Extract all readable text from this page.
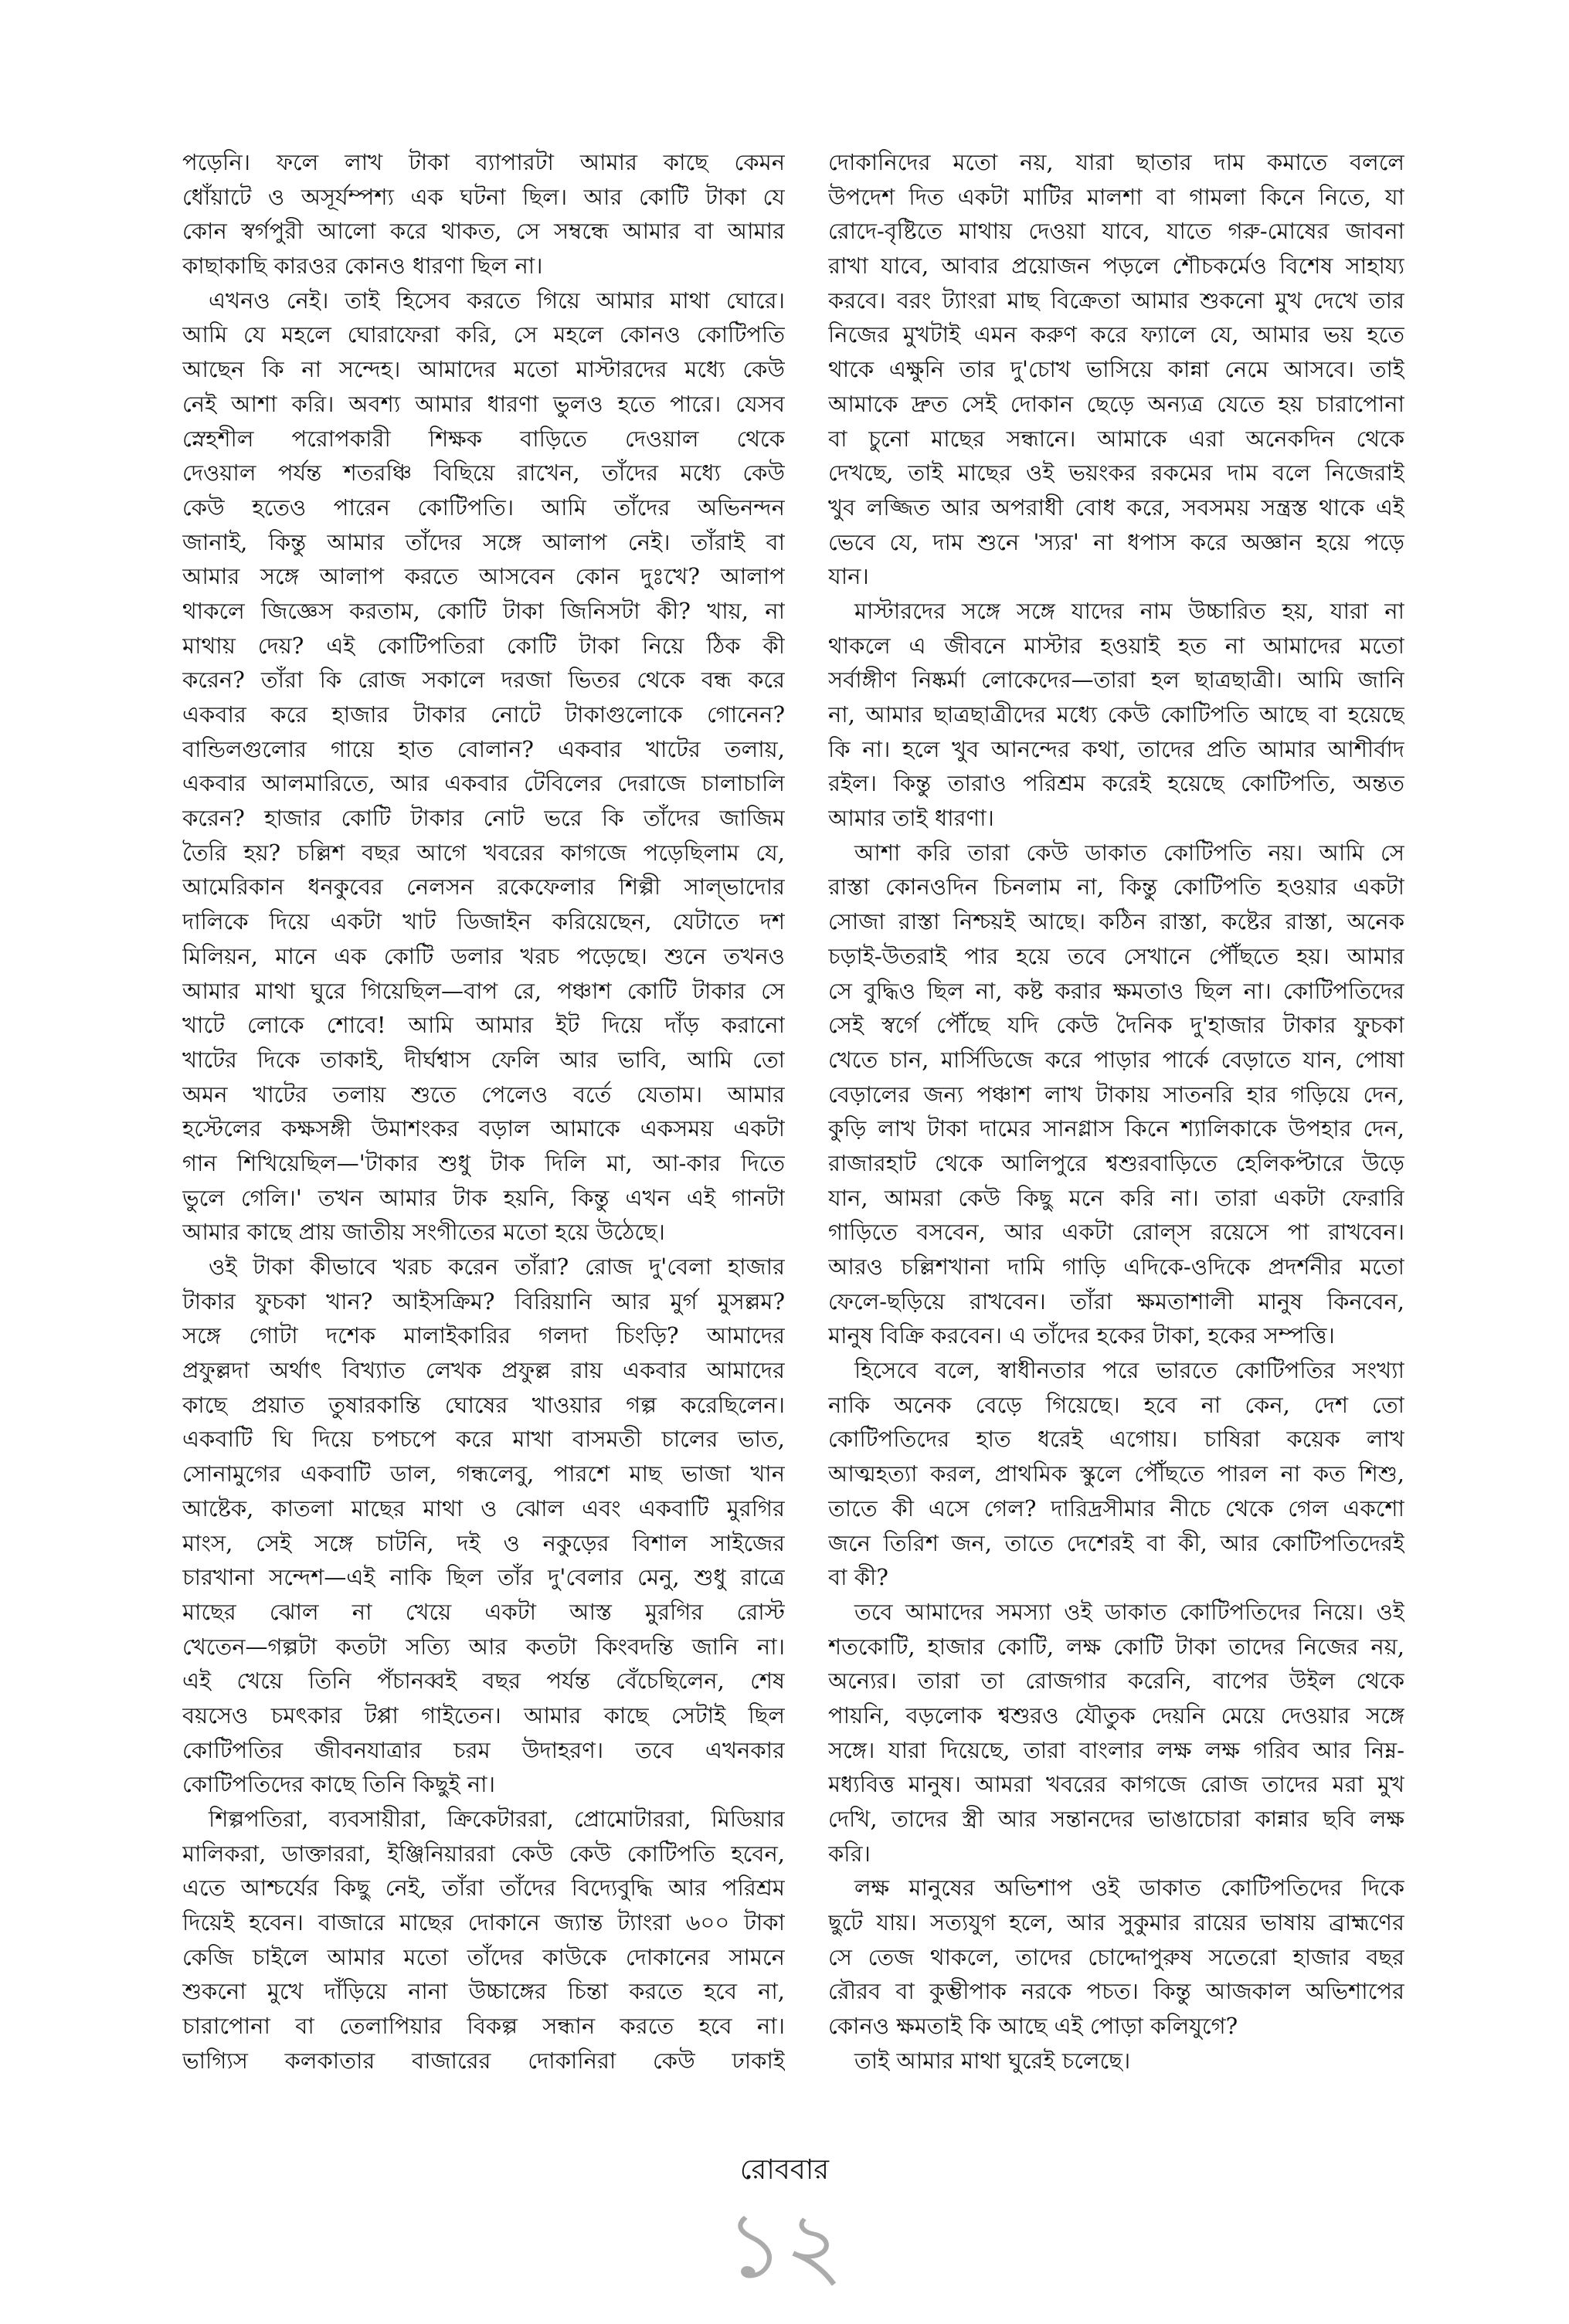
পড়েনি। ফলে লাখ টাকা ব্যাপারটা আমার কাছে কেমন
ধোঁয়াটে ও অসূর্যম্পশ্য এক ঘটনা ছিল। আর কোটি টাকা যে
কোন স্বর্গপুরী আলো করে থাকত, সে সম্বন্ধে আমার বা আমার
কাছাকাছি কারওর কোনও ধারণা ছিল না।
এখনও নেই। তাই হিসেব করতে গিয়ে আমার মাথা ঘোরে।
আমি যে মহলে ঘোরাফেরা করি, সে মহলে কোনও কোটিপতি
আছেন কি না সন্দেহ। আমাদের মতো মাস্টারদের মধ্যে কেউ
নেই আশা করি। অবশ্য আমার ধারণা ভুলও হতে পারে। যেসব
স্নেহশীল পরোপকারী শিক্ষক বাড়িতে দেওয়াল থেকে
দেওয়াল পর্যন্ত শতরঞ্চি বিছিয়ে রাখেন, তাঁদের মধ্যে কেউ
কেউ হতেও পারেন কোটিপতি। আমি তাঁদের অভিনন্দন
জানাই, কিন্তু আমার তাঁদের সঙ্গে আলাপ নেই। তাঁরাই বা
আমার সঙ্গে আলাপ করতে আসবেন কোন দুঃখে? আলাপ
থাকলে জিজ্ঞেস করতাম, কোটি টাকা জিনিসটা কী? খায়, না
মাথায় দেয়? এই কোটিপতিরা কোটি টাকা নিয়ে ঠিক কী
করেন? তাঁরা কি রোজ সকালে দরজা ভিতর থেকে বন্ধ করে
একবার করে হাজার টাকার নোটে টাকাগুলোকে গোনেন?
বান্ডিলগুলোর গায়ে হাত বোলান? একবার খাটের তলায়,
একবার আলমারিতে, আর একবার টেবিলের দেরাজে চালাচালি
করেন? হাজার কোটি টাকার নোট ভরে কি তাঁদের জাজিম
তৈরি হয়? চল্লিশ বছর আগে খবরের কাগজে পড়েছিলাম যে,
আমেরিকান ধনকুবের নেলসন রকেফেলার শিল্পী সাল্ভাদোর
দালিকে দিয়ে একটা খাট ডিজাইন করিয়েছেন, যেটাতে দশ
মিলিয়ন, মানে এক কোটি ডলার খরচ পড়েছে। শুনে তখনও
আমার মাথা ঘুরে গিয়েছিল—বাপ রে, পঞ্চাশ কোটি টাকার সে
খাটে লোকে শোবে! আমি আমার ইট দিয়ে দাঁড় করানো
খাটের দিকে তাকাই, দীর্ঘশ্বাস ফেলি আর ভাবি, আমি তো
অমন খাটের তলায় শুতে পেলেও বর্তে যেতাম। আমার
হস্টেলের কক্ষসঙ্গী উমাশংকর বড়াল আমাকে একসময় একটা
গান শিখিয়েছিল—'টাকার শুধু টাক দিলি মা, আ-কার দিতে
ভুলে গেলি।' তখন আমার টাক হয়নি, কিন্তু এখন এই গানটা
আমার কাছে প্রায় জাতীয় সংগীতের মতো হয়ে উঠেছে।
ওই টাকা কীভাবে খরচ করেন তাঁরা? রোজ দু'বেলা হাজার
টাকার ফুচকা খান? আইসক্রিম? বিরিয়ানি আর মুর্গ মুসল্লম?
সঙ্গে গোটা দশেক মালাইকারির গলদা চিংড়ি? আমাদের
প্রফুল্লদা অর্থাৎ বিখ্যাত লেখক প্রফুল্ল রায় একবার আমাদের
কাছে প্রয়াত তুষারকান্তি ঘোষের খাওয়ার গল্প করেছিলেন।
একবাটি ঘি দিয়ে চপচপে করে মাখা বাসমতী চালের ভাত,
সোনামুগের একবাটি ডাল, গন্ধলেবু, পারশে মাছ ভাজা খান
আষ্টেক, কাতলা মাছের মাথা ও ঝোল এবং একবাটি মুরগির
মাংস, সেই সঙ্গে চাটনি, দই ও নকুড়ের বিশাল সাইজের
চারখানা সন্দেশ—এই নাকি ছিল তাঁর দু'বেলার মেনু, শুধু রাত্রে
মাছের ঝোল না খেয়ে একটা আস্ত মুরগির রোস্ট
খেতেন—গল্পটা কতটা সত্যি আর কতটা কিংবদন্তি জানি না।
এই খেয়ে তিনি পঁচানব্বই বছর পর্যন্ত বেঁচেছিলেন, শেষ
বয়সেও চমৎকার টপ্পা গাইতেন। আমার কাছে সেটাই ছিল
কোটিপতির জীবনযাত্রার চরম উদাহরণ। তবে এখনকার
কোটিপতিদের কাছে তিনি কিছুই না।
শিল্পপতিরা, ব্যবসায়ীরা, ক্রিকেটাররা, প্রোমোটাররা, মিডিয়ার
মালিকরা, ডাক্তাররা, ইঞ্জিনিয়াররা কেউ কেউ কোটিপতি হবেন,
এতে আশ্চর্যের কিছু নেই, তাঁরা তাঁদের বিদ্যেবুদ্ধি আর পরিশ্রম
দিয়েই হবেন। বাজারে মাছের দোকানে জ্যান্ত ট্যাংরা ৬০০ টাকা
কেজি চাইলে আমার মতো তাঁদের কাউকে দোকানের সামনে
শুকনো মুখে দাঁড়িয়ে নানা উচ্চাঙ্গের চিন্তা করতে হবে না,
চারাপোনা বা তেলাপিয়ার বিকল্প সন্ধান করতে হবে না।
ভাগ্যিস কলকাতার বাজারের দোকানিরা কেউ ঢাকাই
দোকানিদের মতো নয়, যারা ছাতার দাম কমাতে বললে
উপদেশ দিত একটা মাটির মালশা বা গামলা কিনে নিতে, যা
রোদে-বৃষ্টিতে মাথায় দেওয়া যাবে, যাতে গরু-মোষের জাবনা
রাখা যাবে, আবার প্রয়োজন পড়লে শৌচকর্মেও বিশেষ সাহায্য
করবে। বরং ট্যাংরা মাছ বিক্রেতা আমার শুকনো মুখ দেখে তার
নিজের মুখটাই এমন করুণ করে ফ্যালে যে, আমার ভয় হতে
থাকে এক্ষুনি তার দু'চোখ ভাসিয়ে কান্না নেমে আসবে। তাই
আমাকে দ্রুত সেই দোকান ছেড়ে অন্যত্র যেতে হয় চারাপোনা
বা চুনো মাছের সন্ধানে। আমাকে এরা অনেকদিন থেকে
দেখছে, তাই মাছের ওই ভয়ংকর রকমের দাম বলে নিজেরাই
খুব লজ্জিত আর অপরাধী বোধ করে, সবসময় সন্ত্রস্ত থাকে এই
ভেবে যে, দাম শুনে 'স্যর' না ধপাস করে অজ্ঞান হয়ে পড়ে
যান।
মাস্টারদের সঙ্গে সঙ্গে যাদের নাম উচ্চারিত হয়, যারা না
থাকলে এ জীবনে মাস্টার হওয়াই হত না আমাদের মতো
সর্বাঙ্গীণ নিষ্কর্মা লোকেদের—তারা হল ছাত্রছাত্রী। আমি জানি
না, আমার ছাত্রছাত্রীদের মধ্যে কেউ কোটিপতি আছে বা হয়েছে
কি না। হলে খুব আনন্দের কথা, তাদের প্রতি আমার আশীর্বাদ
রইল। কিন্তু তারাও পরিশ্রম করেই হয়েছে কোটিপতি, অন্তত
আমার তাই ধারণা।
আশা করি তারা কেউ ডাকাত কোটিপতি নয়। আমি সে
রাস্তা কোনওদিন চিনলাম না, কিন্তু কোটিপতি হওয়ার একটা
সোজা রাস্তা নিশ্চয়ই আছে। কঠিন রাস্তা, কষ্টের রাস্তা, অনেক
চড়াই-উতরাই পার হয়ে তবে সেখানে পৌঁছতে হয়। আমার
সে বুদ্ধিও ছিল না, কষ্ট করার ক্ষমতাও ছিল না। কোটিপতিদের
সেই স্বর্গে পৌঁছে যদি কেউ দৈনিক দু'হাজার টাকার ফুচকা
খেতে চান, মার্সিডিজে করে পাড়ার পার্কে বেড়াতে যান, পোষা
বেড়ালের জন্য পঞ্চাশ লাখ টাকায় সাতনরি হার গড়িয়ে দেন,
কুড়ি লাখ টাকা দামের সানগ্লাস কিনে শ্যালিকাকে উপহার দেন,
রাজারহাট থেকে আলিপুরে শ্বশুরবাড়িতে হেলিকপ্টারে উড়ে
যান, আমরা কেউ কিছু মনে করি না। তারা একটা ফেরারি
গাড়িতে বসবেন, আর একটা রোল্‌স রয়েসে পা রাখবেন।
আরও চল্লিশখানা দামি গাড়ি এদিকে-ওদিকে প্রদর্শনীর মতো
ফেলে-ছড়িয়ে রাখবেন। তাঁরা ক্ষমতাশালী মানুষ কিনবেন,
মানুষ বিক্রি করবেন। এ তাঁদের হকের টাকা, হকের সম্পত্তি।
হিসেবে বলে, স্বাধীনতার পরে ভারতে কোটিপতির সংখ্যা
নাকি অনেক বেড়ে গিয়েছে। হবে না কেন, দেশ তো
কোটিপতিদের হাত ধরেই এগোয়। চাষিরা কয়েক লাখ
আত্মহত্যা করল, প্রাথমিক স্কুলে পৌঁছতে পারল না কত শিশু,
তাতে কী এসে গেল? দারিদ্রসীমার নীচে থেকে গেল একশো
জনে তিরিশ জন, তাতে দেশেরই বা কী, আর কোটিপতিদেরই
বা কী?
তবে আমাদের সমস্যা ওই ডাকাত কোটিপতিদের নিয়ে। ওই
শতকোটি, হাজার কোটি, লক্ষ কোটি টাকা তাদের নিজের নয়,
অন্যের। তারা তা রোজগার করেনি, বাপের উইল থেকে
পায়নি, বড়লোক শ্বশুরও যৌতুক দেয়নি মেয়ে দেওয়ার সঙ্গে
সঙ্গে। যারা দিয়েছে, তারা বাংলার লক্ষ লক্ষ গরিব আর নিম্ন-
মধ্যবিত্ত মানুষ। আমরা খবরের কাগজে রোজ তাদের মরা মুখ
দেখি, তাদের স্ত্রী আর সন্তানদের ভাঙাচোরা কান্নার ছবি লক্ষ
করি।
লক্ষ মানুষের অভিশাপ ওই ডাকাত কোটিপতিদের দিকে
ছুটে যায়। সত্যযুগ হলে, আর সুকুমার রায়ের ভাষায় ব্রাহ্মণের
সে তেজ থাকলে, তাদের চোদ্দোপুরুষ সতেরো হাজার বছর
রৌরব বা কুম্ভীপাক নরকে পচত। কিন্তু আজকাল অভিশাপের
কোনও ক্ষমতাই কি আছে এই পোড়া কলিযুগে?
তাই আমার মাথা ঘুরেই চলেছে।
রোববার
১২
